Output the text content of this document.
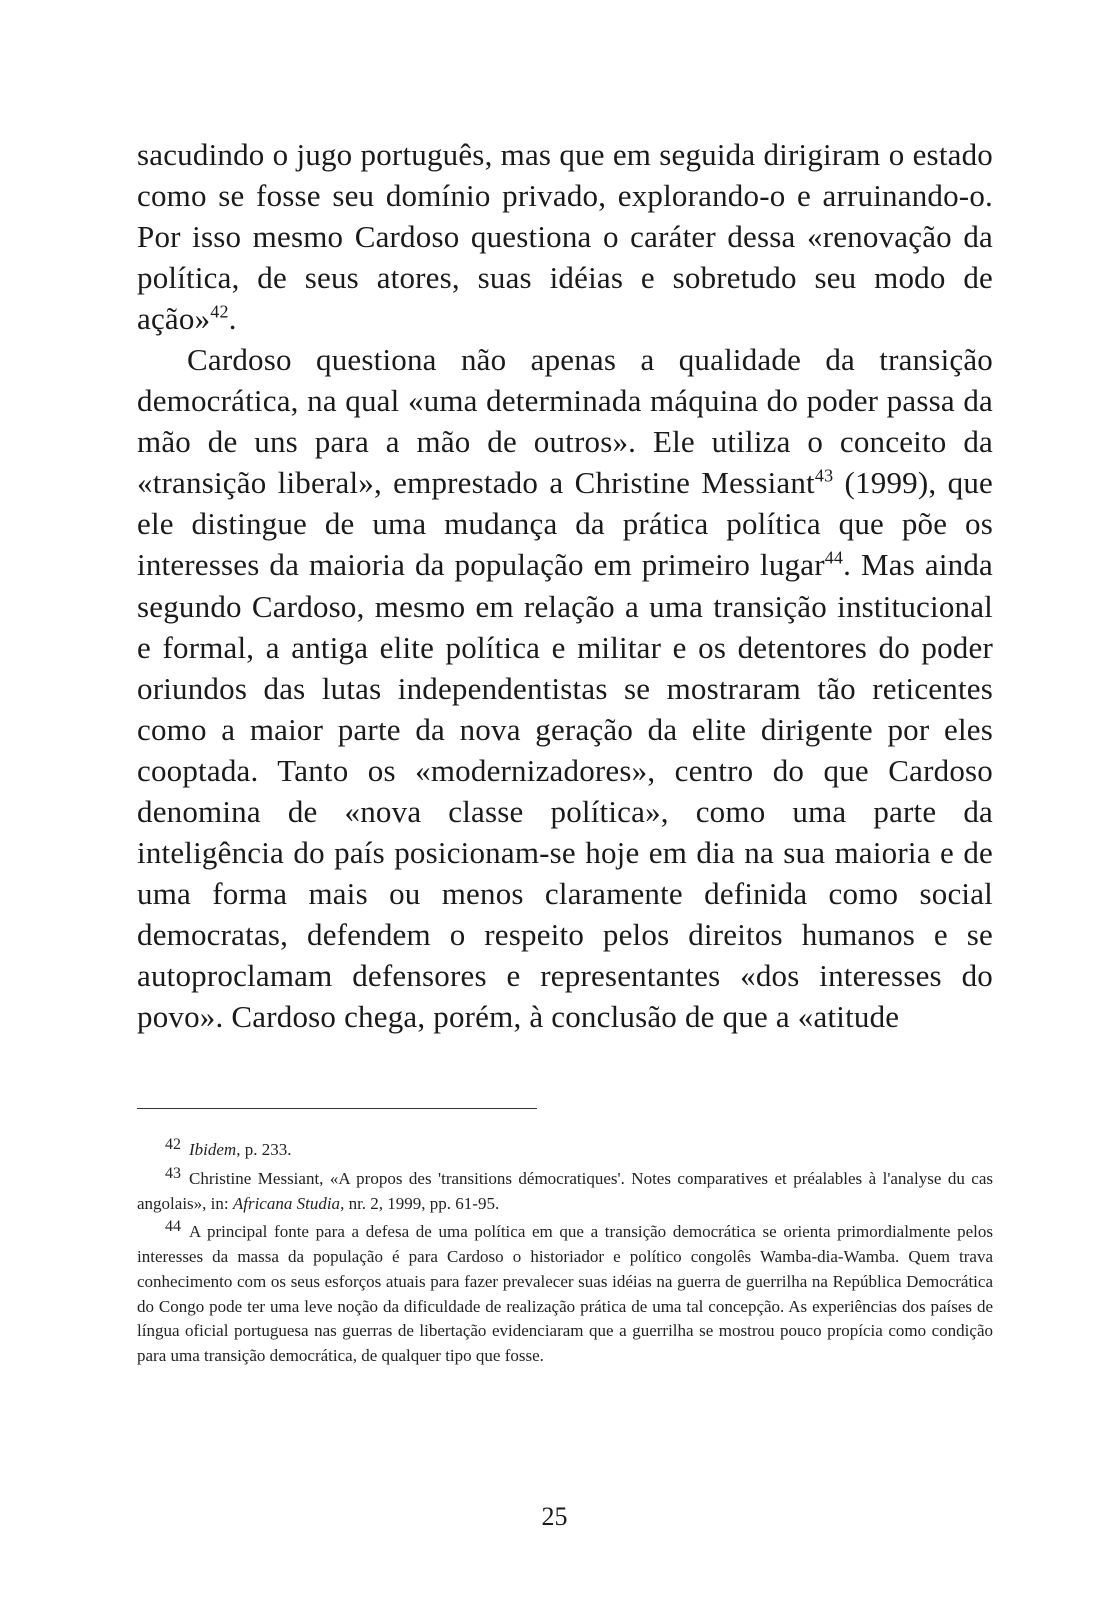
sacudindo o jugo português, mas que em seguida dirigiram o estado como se fosse seu domínio privado, explorando-o e arruinando-o. Por isso mesmo Cardoso questiona o caráter dessa «renovação da política, de seus atores, suas idéias e sobretudo seu modo de ação»$^{42}$.

Cardoso questiona não apenas a qualidade da transição democrática, na qual «uma determinada máquina do poder passa da mão de uns para a mão de outros». Ele utiliza o conceito da «transição liberal», emprestado a Christine Messiant$^{43}$ (1999), que ele distingue de uma mudança da prática política que põe os interesses da maioria da população em primeiro lugar$^{44}$. Mas ainda segundo Cardoso, mesmo em relação a uma transição institucional e formal, a antiga elite política e militar e os detentores do poder oriundos das lutas independentistas se mostraram tão reticentes como a maior parte da nova geração da elite dirigente por eles cooptada. Tanto os «modernizadores», centro do que Cardoso denomina de «nova classe política», como uma parte da inteligência do país posicionam-se hoje em dia na sua maioria e de uma forma mais ou menos claramente definida como social democratas, defendem o respeito pelos direitos humanos e se autoproclamam defensores e representantes «dos interesses do povo». Cardoso chega, porém, à conclusão de que a «atitude

42 Ibidem, p. 233.

43 Christine Messiant, «A propos des 'transitions démocratiques'. Notes comparatives et préalables à l'analyse du cas angolais», in: Africana Studia, nr. 2, 1999, pp. 61-95.

44 A principal fonte para a defesa de uma política em que a transição democrática se orienta primordialmente pelos interesses da massa da população é para Cardoso o historiador e político congolês Wamba-dia-Wamba. Quem trava conhecimento com os seus esforços atuais para fazer prevalecer suas idéias na guerra de guerrilha na República Democrática do Congo pode ter uma leve noção da dificuldade de realização prática de uma tal concepção. As experiências dos países de língua oficial portuguesa nas guerras de libertação evidenciaram que a guerrilha se mostrou pouco propícia como condição para uma transição democrática, de qualquer tipo que fosse.

25
